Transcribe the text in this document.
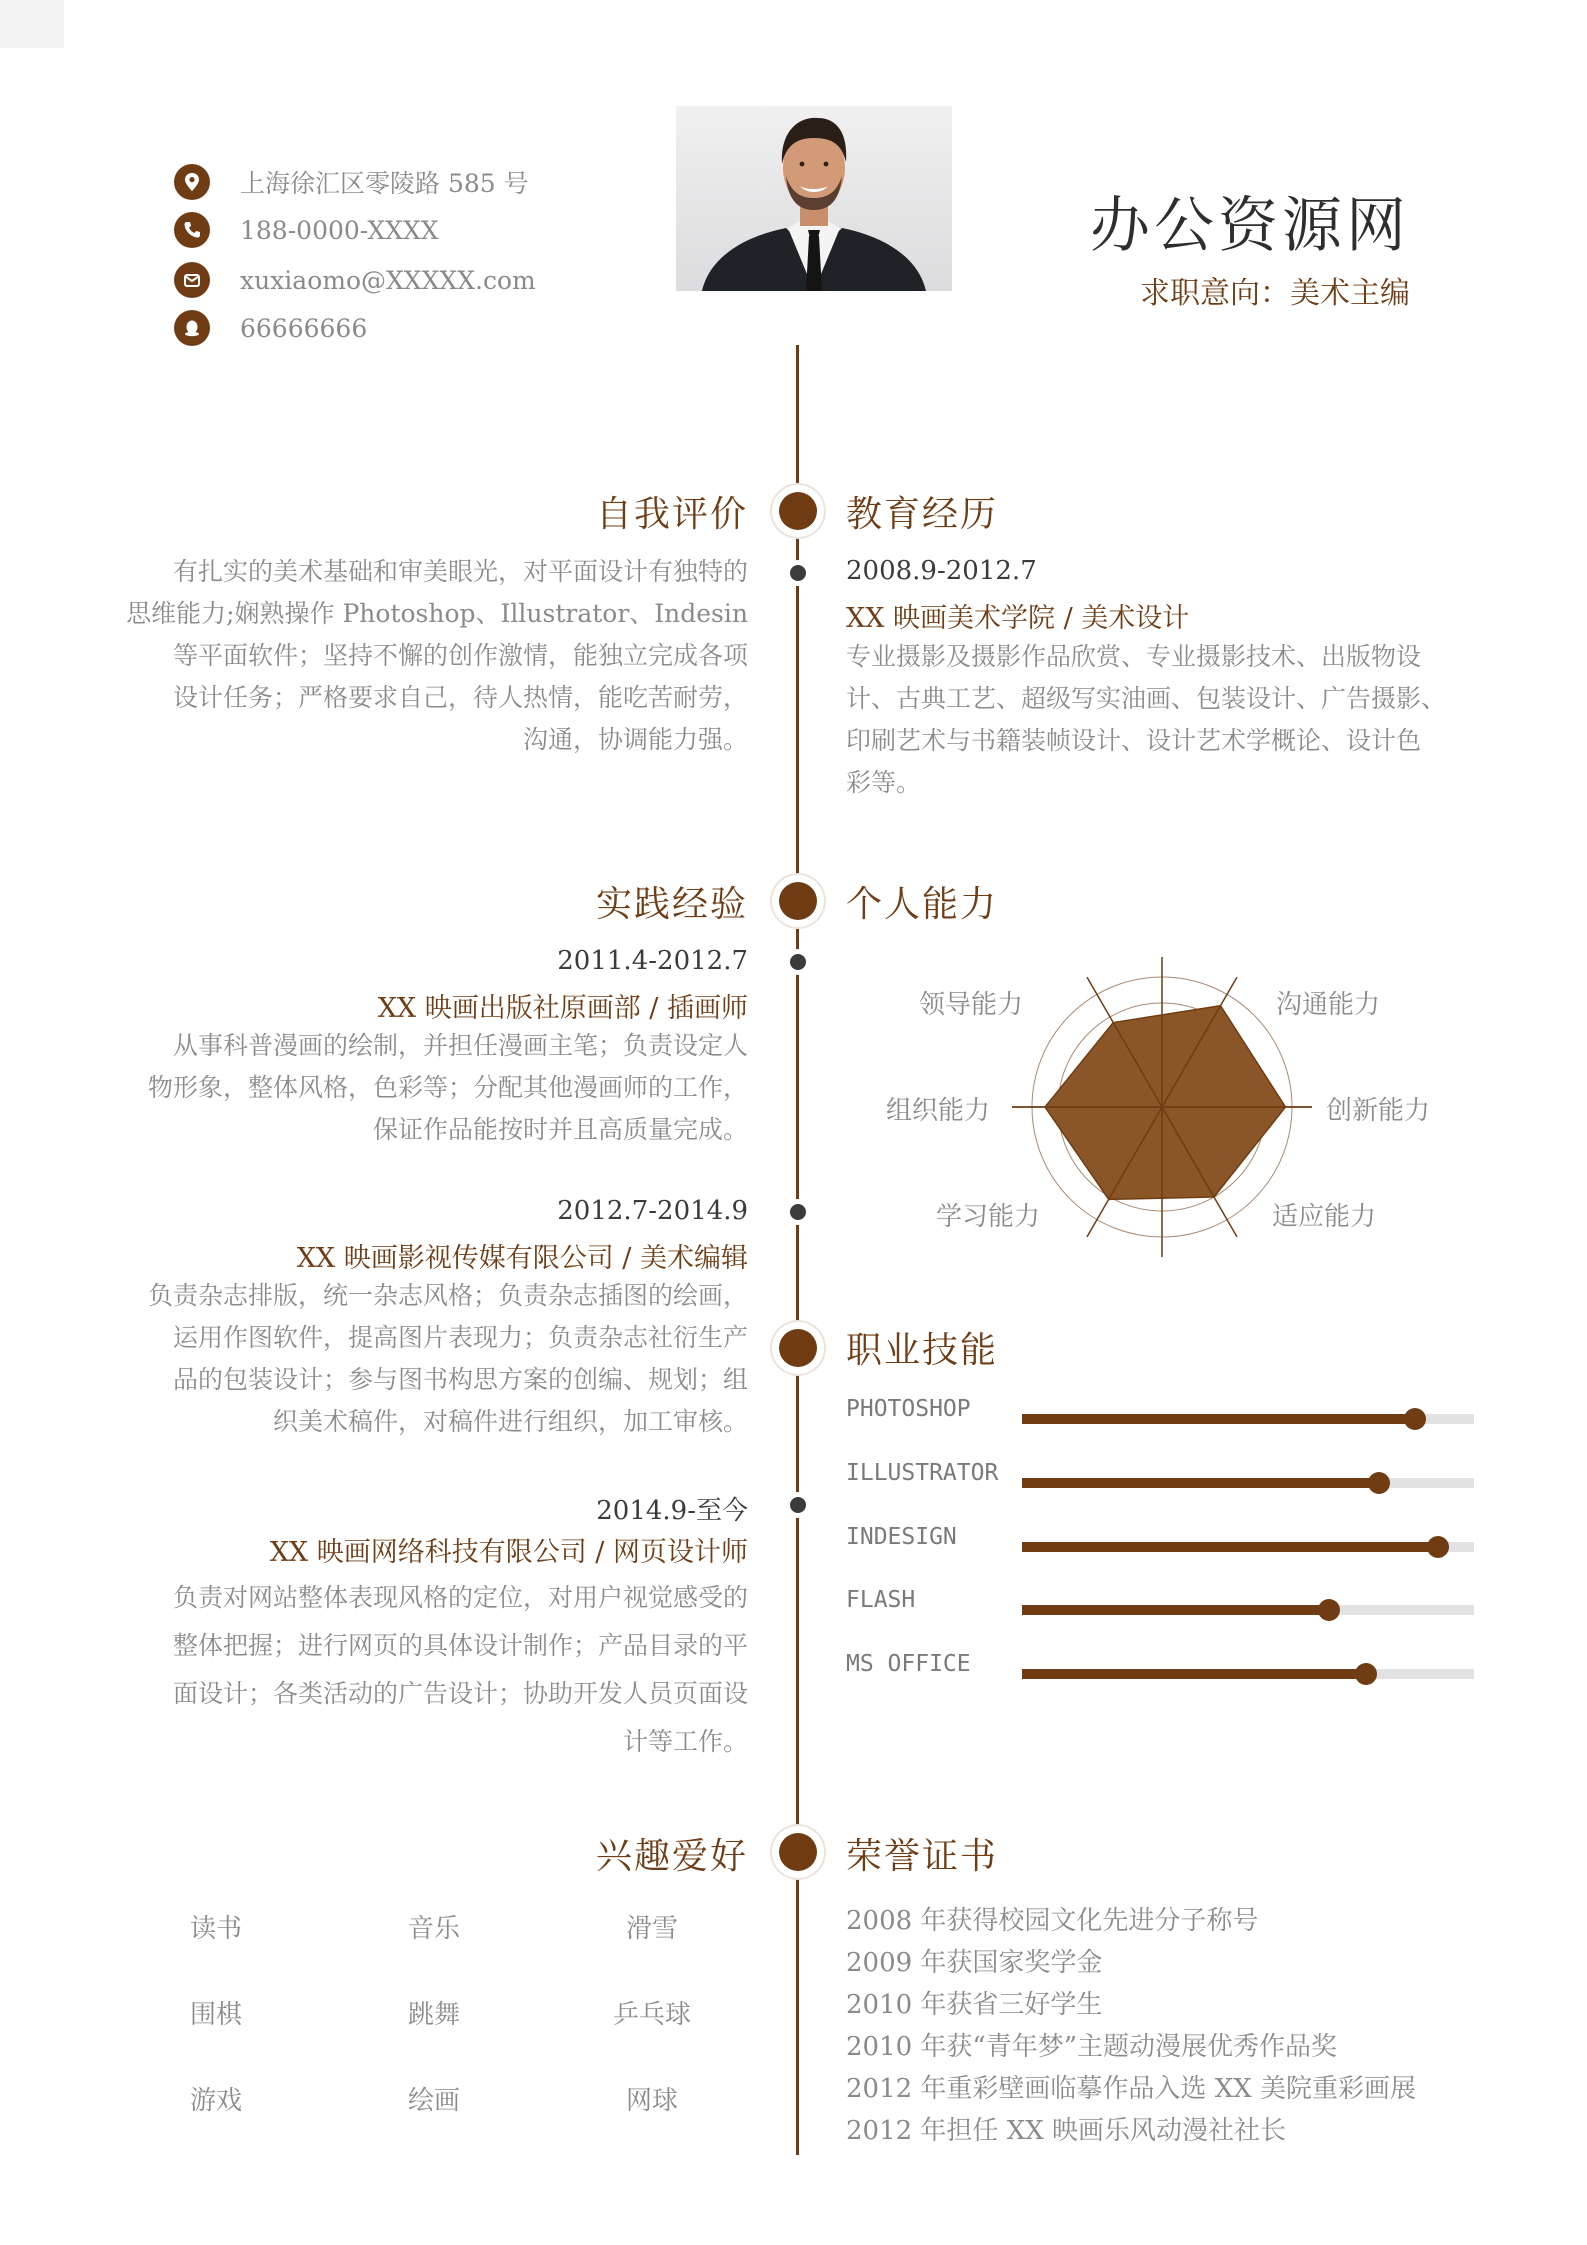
上海徐汇区零陵路 585 号
188-0000-XXXX
xuxiaomo@XXXXX.com
66666666
办公资源网
求职意向：美术主编
自我评价
有扎实的美术基础和审美眼光，对平面设计有独特的
思维能力;娴熟操作 Photoshop、Illustrator、Indesin
等平面软件；坚持不懈的创作激情，能独立完成各项
设计任务；严格要求自己，待人热情，能吃苦耐劳，
沟通，协调能力强。
教育经历
2008.9-2012.7
XX 映画美术学院 / 美术设计
专业摄影及摄影作品欣赏、专业摄影技术、出版物设
计、古典工艺、超级写实油画、包装设计、广告摄影、
印刷艺术与书籍装帧设计、设计艺术学概论、设计色
彩等。
实践经验
2011.4-2012.7
XX 映画出版社原画部 / 插画师
从事科普漫画的绘制，并担任漫画主笔；负责设定人
物形象，整体风格，色彩等；分配其他漫画师的工作，
保证作品能按时并且高质量完成。
2012.7-2014.9
XX 映画影视传媒有限公司 / 美术编辑
负责杂志排版，统一杂志风格；负责杂志插图的绘画，
运用作图软件，提高图片表现力；负责杂志社衍生产
品的包装设计；参与图书构思方案的创编、规划；组
织美术稿件，对稿件进行组织，加工审核。
2014.9-至今
XX 映画网络科技有限公司 / 网页设计师
负责对网站整体表现风格的定位，对用户视觉感受的
整体把握；进行网页的具体设计制作；产品目录的平
面设计；各类活动的广告设计；协助开发人员页面设
计等工作。
个人能力
领导能力	沟通能力
创新能力
适应能力
学习能力
组织能力
职业技能
PHOTOSHOP
ILLUSTRATOR
INDESIGN
FLASH
MS OFFICE
兴趣爱好
读书	音乐	滑雪
围棋	跳舞	乒乓球
游戏	绘画	网球
荣誉证书
2008 年获得校园文化先进分子称号
2009 年获国家奖学金
2010 年获省三好学生
2010 年获“青年梦”主题动漫展优秀作品奖
2012 年重彩壁画临摹作品入选 XX 美院重彩画展
2012 年担任 XX 映画乐风动漫社社长
